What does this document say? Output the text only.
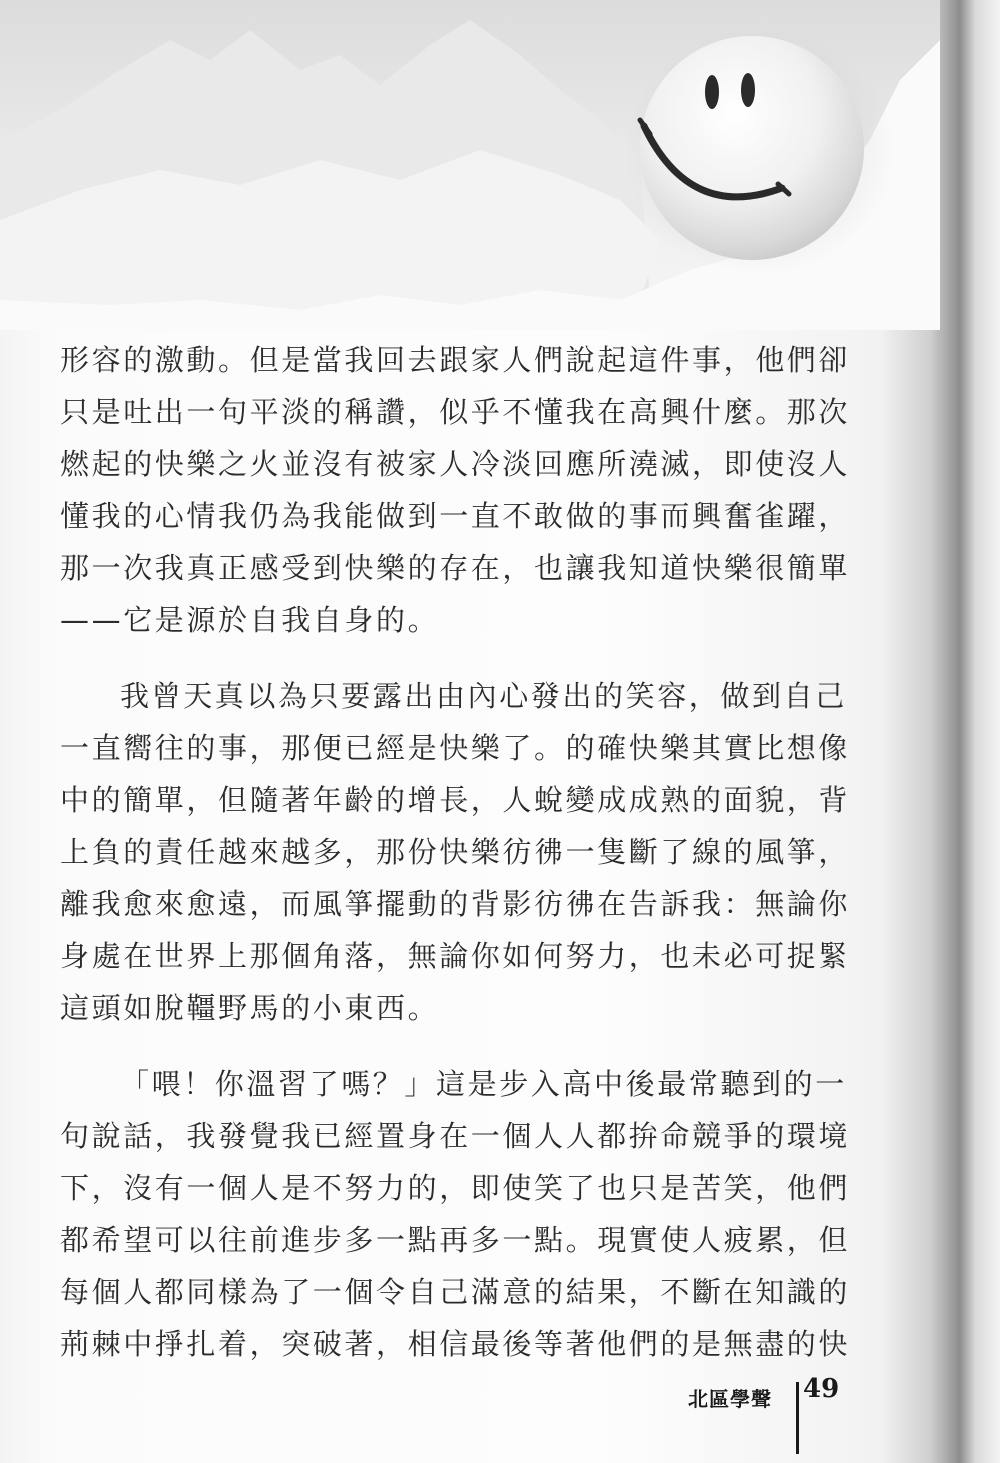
形容的激動。但是當我回去跟家人們說起這件事，他們卻只是吐出一句平淡的稱讚，似乎不懂我在高興什麼。那次燃起的快樂之火並沒有被家人冷淡回應所澆滅，即使沒人懂我的心情我仍為我能做到一直不敢做的事而興奮雀躍，那一次我真正感受到快樂的存在，也讓我知道快樂很簡單——它是源於自我自身的。

我曾天真以為只要露出由內心發出的笑容，做到自己一直嚮往的事，那便已經是快樂了。的確快樂其實比想像中的簡單，但隨著年齡的增長，人蛻變成成熟的面貌，背上負的責任越來越多，那份快樂彷彿一隻斷了線的風箏，離我愈來愈遠，而風箏擺動的背影彷彿在告訴我：無論你身處在世界上那個角落，無論你如何努力，也未必可捉緊這頭如脫韁野馬的小東西。

「喂！你溫習了嗎？」這是步入高中後最常聽到的一句說話，我發覺我已經置身在一個人人都拚命競爭的環境下，沒有一個人是不努力的，即使笑了也只是苦笑，他們都希望可以往前進步多一點再多一點。現實使人疲累，但每個人都同樣為了一個令自己滿意的結果，不斷在知識的荊棘中掙扎着，突破著，相信最後等著他們的是無盡的快

北區學聲 49
